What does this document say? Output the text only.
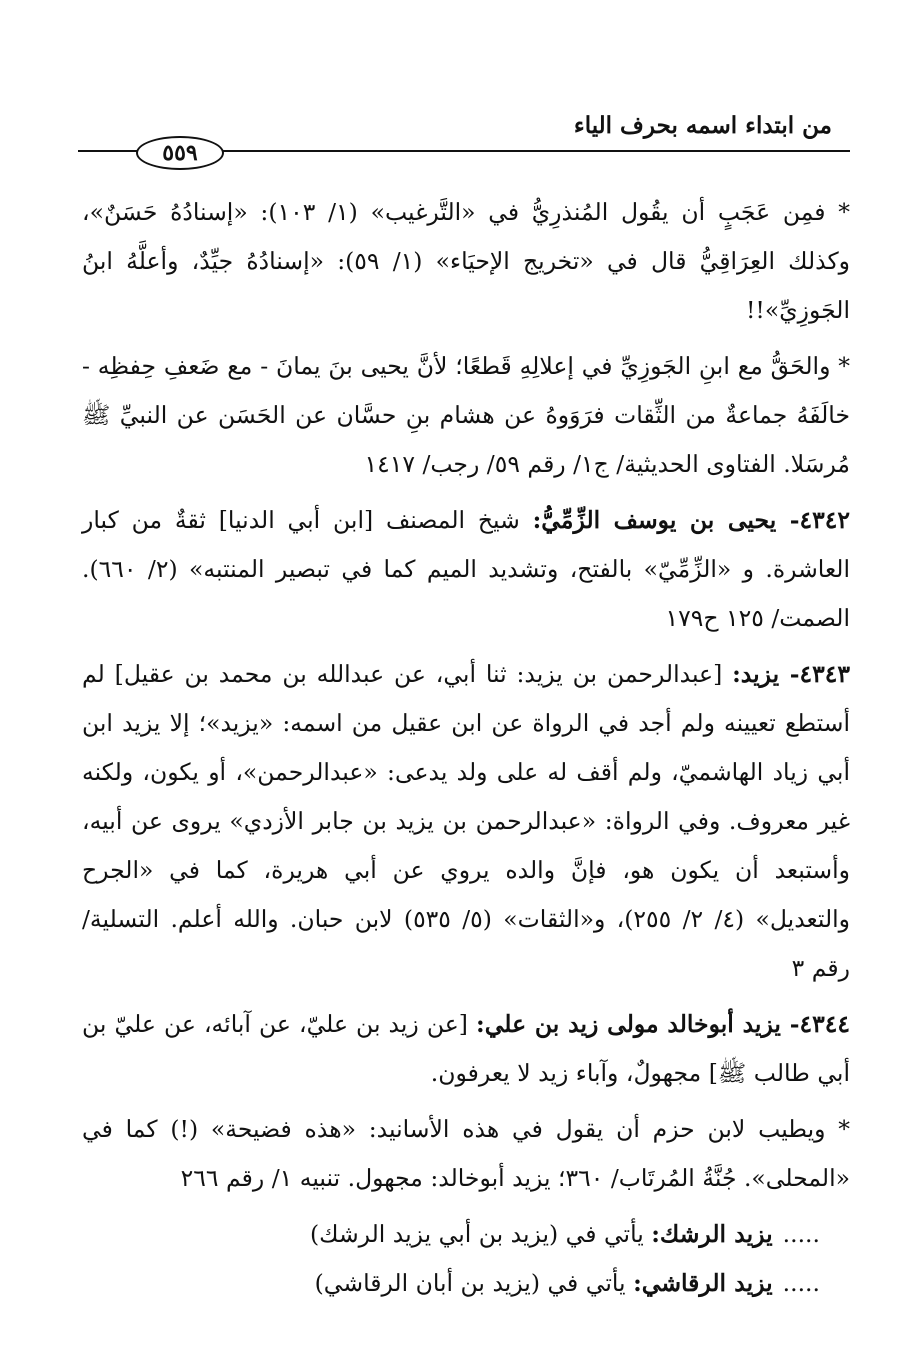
من ابتداء اسمه بحرف الياء
٥٥٩

* فمِن عَجَبٍ أن يقُول المُنذرِيُّ في «التَّرغيب» (١/ ١٠٣): «إسنادُهُ حَسَنٌ»، وكذلك العِرَاقِيُّ قال في «تخريج الإحيَاء» (١/ ٥٩): «إسنادُهُ جيِّدٌ، وأعلَّهُ ابنُ الجَوزِيِّ»!!

* والحَقُّ مع ابنِ الجَوزِيِّ في إعلالِهِ قَطعًا؛ لأنَّ يحيى بنَ يمانَ - مع ضَعفِ حِفظِه - خالَفَهُ جماعةٌ من الثِّقات فرَوَوهُ عن هشام بنِ حسَّان عن الحَسَن عن النبيِّ ﷺ مُرسَلا. الفتاوى الحديثية/ ج١/ رقم ٥٩/ رجب/ ١٤١٧

٤٣٤٢- يحيى بن يوسف الزِّمِّيُّ: شيخ المصنف [ابن أبي الدنيا] ثقةٌ من كبار العاشرة. و «الزِّمِّيّ» بالفتح، وتشديد الميم كما في تبصير المنتبه» (٢/ ٦٦٠). الصمت/ ١٢٥ ح١٧٩

٤٣٤٣- يزيد: [عبدالرحمن بن يزيد: ثنا أبي، عن عبدالله بن محمد بن عقيل] لم أستطع تعيينه ولم أجد في الرواة عن ابن عقيل من اسمه: «يزيد»؛ إلا يزيد ابن أبي زياد الهاشميّ، ولم أقف له على ولد يدعى: «عبدالرحمن»، أو يكون، ولكنه غير معروف. وفي الرواة: «عبدالرحمن بن يزيد بن جابر الأزدي» يروى عن أبيه، وأستبعد أن يكون هو، فإنَّ والده يروي عن أبي هريرة، كما في «الجرح والتعديل» (٤/ ٢/ ٢٥٥)، و«الثقات» (٥/ ٥٣٥) لابن حبان. والله أعلم. التسلية/ رقم ٣

٤٣٤٤- يزيد أبوخالد مولى زيد بن علي: [عن زيد بن عليّ، عن آبائه، عن عليّ بن أبي طالب ﷺ] مجهولٌ، وآباء زيد لا يعرفون.

* ويطيب لابن حزم أن يقول في هذه الأسانيد: «هذه فضيحة» (!) كما في «المحلى». جُنَّةُ المُرتَاب/ ٣٦٠؛ يزيد أبوخالد: مجهول. تنبيه ١/ رقم ٢٦٦

.....يزيد الرشك: يأتي في (يزيد بن أبي يزيد الرشك)

.....يزيد الرقاشي: يأتي في (يزيد بن أبان الرقاشي)
